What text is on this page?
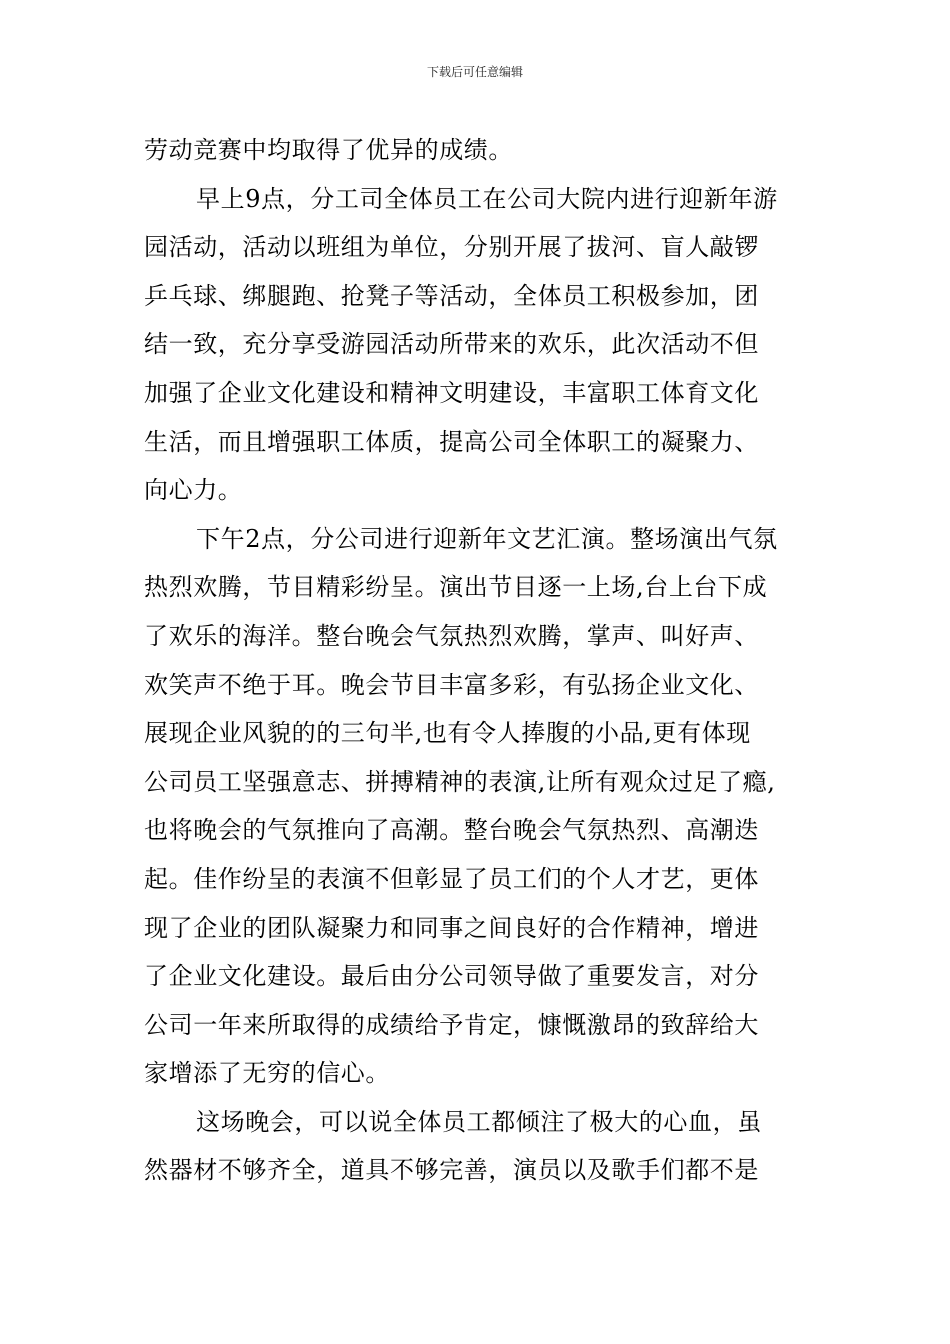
下载后可任意编辑
劳动竞赛中均取得了优异的成绩。
早上9点，分工司全体员工在公司大院内进行迎新年游
园活动，活动以班组为单位，分别开展了拔河、盲人敲锣
乒乓球、绑腿跑、抢凳子等活动，全体员工积极参加，团
结一致，充分享受游园活动所带来的欢乐，此次活动不但
加强了企业文化建设和精神文明建设，丰富职工体育文化
生活，而且增强职工体质，提高公司全体职工的凝聚力、
向心力。
下午2点，分公司进行迎新年文艺汇演。整场演出气氛
热烈欢腾，节目精彩纷呈。演出节目逐一上场,台上台下成
了欢乐的海洋。整台晚会气氛热烈欢腾，掌声、叫好声、
欢笑声不绝于耳。晚会节目丰富多彩，有弘扬企业文化、
展现企业风貌的的三句半,也有令人捧腹的小品,更有体现
公司员工坚强意志、拼搏精神的表演,让所有观众过足了瘾,
也将晚会的气氛推向了高潮。整台晚会气氛热烈、高潮迭
起。佳作纷呈的表演不但彰显了员工们的个人才艺，更体
现了企业的团队凝聚力和同事之间良好的合作精神，增进
了企业文化建设。最后由分公司领导做了重要发言，对分
公司一年来所取得的成绩给予肯定，慷慨激昂的致辞给大
家增添了无穷的信心。
这场晚会，可以说全体员工都倾注了极大的心血，虽
然器材不够齐全，道具不够完善，演员以及歌手们都不是
